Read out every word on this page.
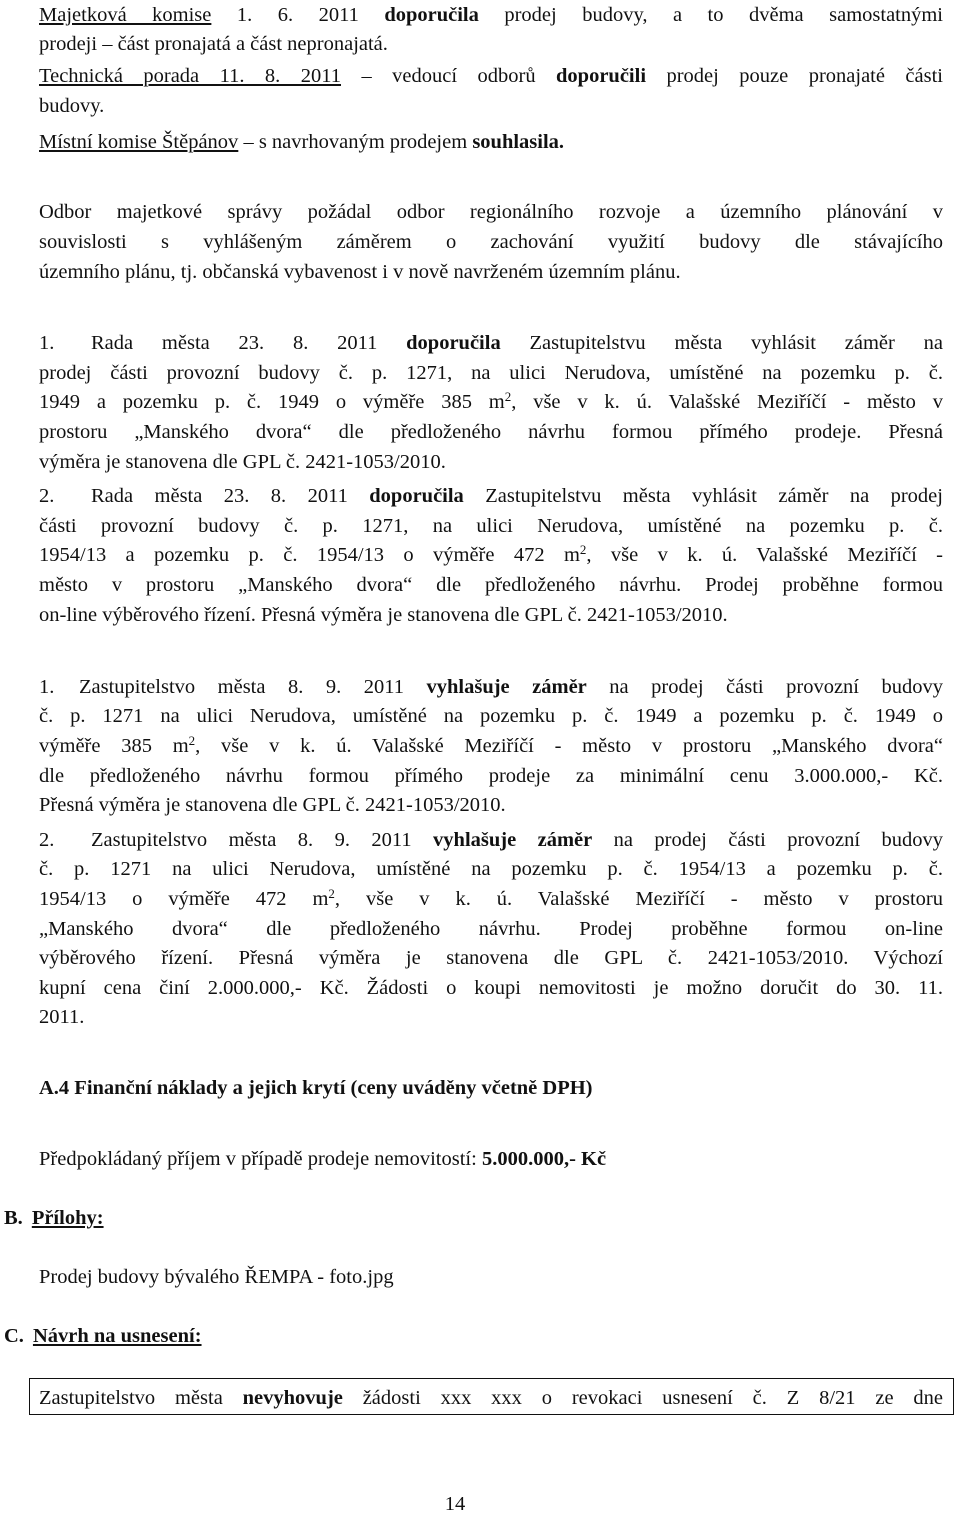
Majetková komise 1. 6. 2011 doporučila prodej budovy, a to dvěma samostatnými
prodeji – část pronajatá a část nepronajatá.
Technická porada 11. 8. 2011 – vedoucí odborů doporučili prodej pouze pronajaté části
budovy.
Místní komise Štěpánov – s navrhovaným prodejem souhlasila.
Odbor majetkové správy požádal odbor regionálního rozvoje a územního plánování v
souvislosti s vyhlášeným záměrem o zachování využití budovy dle stávajícího
územního plánu, tj. občanská vybavenost i v nově navrženém územním plánu.
1. Rada města 23. 8. 2011 doporučila Zastupitelstvu města vyhlásit záměr na
prodej části provozní budovy č. p. 1271, na ulici Nerudova, umístěné na pozemku p. č.
1949 a pozemku p. č. 1949 o výměře 385 $m^2$, vše v k. ú. Valašské Meziříčí - město v
prostoru „Manského dvora“ dle předloženého návrhu formou přímého prodeje. Přesná
výměra je stanovena dle GPL č. 2421-1053/2010.
2. Rada města 23. 8. 2011 doporučila Zastupitelstvu města vyhlásit záměr na prodej
části provozní budovy č. p. 1271, na ulici Nerudova, umístěné na pozemku p. č.
1954/13 a pozemku p. č. 1954/13 o výměře 472 $m^2$, vše v k. ú. Valašské Meziříčí -
město v prostoru „Manského dvora“ dle předloženého návrhu. Prodej proběhne formou
on-line výběrového řízení. Přesná výměra je stanovena dle GPL č. 2421-1053/2010.
1. Zastupitelstvo města 8. 9. 2011 vyhlašuje záměr na prodej části provozní budovy
č. p. 1271 na ulici Nerudova, umístěné na pozemku p. č. 1949 a pozemku p. č. 1949 o
výměře 385 $m^2$, vše v k. ú. Valašské Meziříčí - město v prostoru „Manského dvora“
dle předloženého návrhu formou přímého prodeje za minimální cenu 3.000.000,- Kč.
Přesná výměra je stanovena dle GPL č. 2421-1053/2010.
2. Zastupitelstvo města 8. 9. 2011 vyhlašuje záměr na prodej části provozní budovy
č. p. 1271 na ulici Nerudova, umístěné na pozemku p. č. 1954/13 a pozemku p. č.
1954/13 o výměře 472 $m^2$, vše v k. ú. Valašské Meziříčí - město v prostoru
„Manského dvora“ dle předloženého návrhu. Prodej proběhne formou on-line
výběrového řízení. Přesná výměra je stanovena dle GPL č. 2421-1053/2010. Výchozí
kupní cena činí 2.000.000,- Kč. Žádosti o koupi nemovitosti je možno doručit do 30. 11.
2011.
A.4 Finanční náklady a jejich krytí (ceny uváděny včetně DPH)
Předpokládaný příjem v případě prodeje nemovitostí: 5.000.000,- Kč
B. Přílohy:
Prodej budovy bývalého ŘEMPA - foto.jpg
C. Návrh na usnesení:
Zastupitelstvo města nevyhovuje žádosti xxx xxx o revokaci usnesení č. Z 8/21 ze dne
14
